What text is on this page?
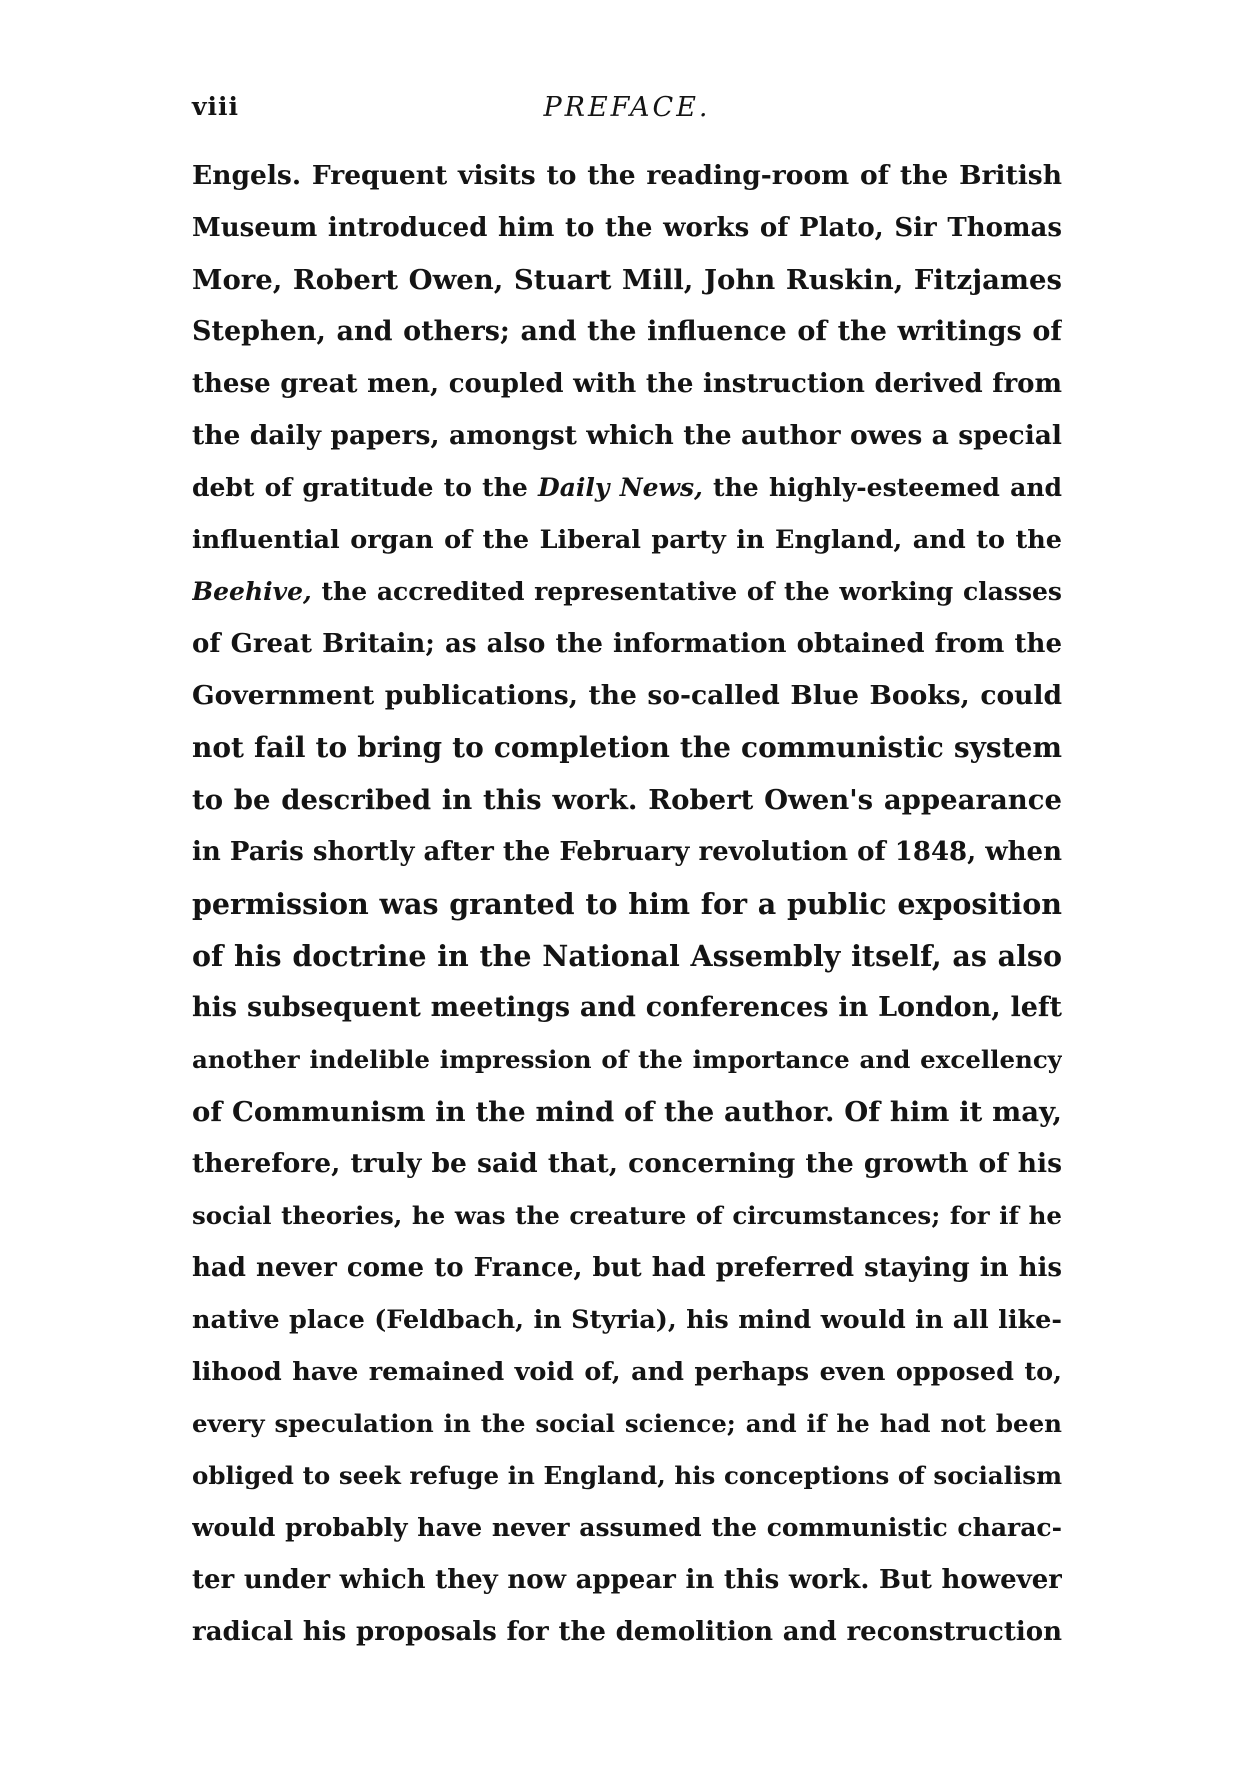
viii	PREFACE.
Engels. Frequent visits to the reading-room of the British
Museum introduced him to the works of Plato, Sir Thomas
More, Robert Owen, Stuart Mill, John Ruskin, Fitzjames
Stephen, and others; and the influence of the writings of
these great men, coupled with the instruction derived from
the daily papers, amongst which the author owes a special
debt of gratitude to the Daily News, the highly-esteemed and
influential organ of the Liberal party in England, and to the
Beehive, the accredited representative of the working classes
of Great Britain; as also the information obtained from the
Government publications, the so-called Blue Books, could
not fail to bring to completion the communistic system
to be described in this work. Robert Owen's appearance
in Paris shortly after the February revolution of 1848, when
permission was granted to him for a public exposition
of his doctrine in the National Assembly itself, as also
his subsequent meetings and conferences in London, left
another indelible impression of the importance and excellency
of Communism in the mind of the author. Of him it may,
therefore, truly be said that, concerning the growth of his
social theories, he was the creature of circumstances; for if he
had never come to France, but had preferred staying in his
native place (Feldbach, in Styria), his mind would in all like-
lihood have remained void of, and perhaps even opposed to,
every speculation in the social science; and if he had not been
obliged to seek refuge in England, his conceptions of socialism
would probably have never assumed the communistic charac-
ter under which they now appear in this work. But however
radical his proposals for the demolition and reconstruction
